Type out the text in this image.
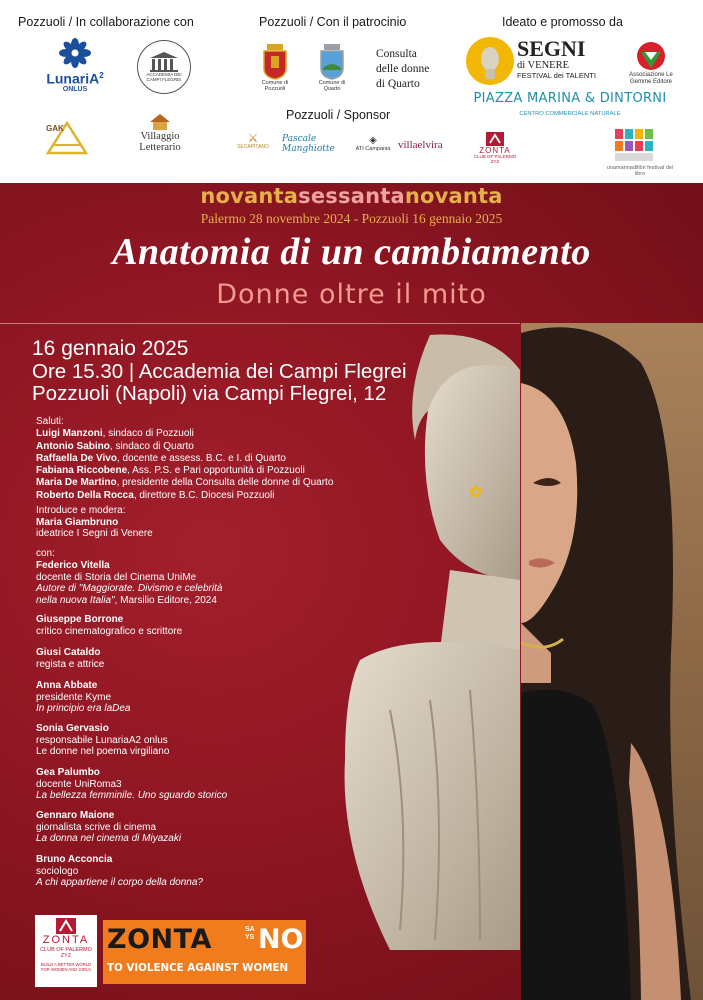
Pozzuoli / In collaborazione con	Pozzuoli / Con il patrocinio	Ideato e promosso da
LunariA$^2$
ONLUS
ACCADEMIA DEI CAMPI FLEGREI
Comune di Pozzuoli
Comune di Quarto
Consulta delle donne di Quarto
SEGNI
di VENERE
FESTIVAL dei TALENTI	Associazione Le Gemme Editore
PIAZZA MARINA & DINTORNI
CENTRO COMMERCIALE NATURALE
Pozzuoli / Sponsor
GAK
Villaggio Letterario
⚔
SECAPITANO
Pascale Manghiotte
◈
ATI Campania villaelvira	ZONTA
CLUB OF PALERMO ZYZ
unamarinadilibri festival del libro
novantasessantanovanta
Palermo 28 novembre 2024 - Pozzuoli 16 gennaio 2025
Anatomia di un cambiamento
Donne oltre il mito
✿
16 gennaio 2025
Ore 15.30 | Accademia dei Campi Flegrei
Pozzuoli (Napoli) via Campi Flegrei, 12
Saluti:
Luigi Manzoni, sindaco di Pozzuoli
Antonio Sabino, sindaco di Quarto
Raffaella De Vivo, docente e assess. B.C. e I. di Quarto
Fabiana Riccobene, Ass. P.S. e Pari opportunità di Pozzuoli
Maria De Martino, presidente della Consulta delle donne di Quarto
Roberto Della Rocca, direttore B.C. Diocesi Pozzuoli
Introduce e modera:
Maria Giambruno
ideatrice I Segni di Venere
con:
Federico Vitella
docente di Storia del Cinema UniMe
Autore di "Maggiorate. Divismo e celebrità
nella nuova Italia", Marsilio Editore, 2024
Giuseppe Borrone
critico cinematografico e scrittore
Giusi Cataldo
regista e attrice
Anna Abbate
presidente Kyme
In principio era laDea
Sonia Gervasio
responsabile LunariaA2 onlus
Le donne nel poema virgiliano
Gea Palumbo
docente UniRoma3
La bellezza femminile. Uno sguardo storico
Gennaro Maione
giornalista scrive di cinema
La donna nel cinema di Miyazaki
Bruno Acconcia
sociologo
A chi appartiene il corpo della donna?
ZONTA
CLUB OF PALERMO ZYZ
BUILD A BETTER WORLD FOR WOMEN AND GIRLS
ZONTA	SAYS NO
TO VIOLENCE AGAINST WOMEN
